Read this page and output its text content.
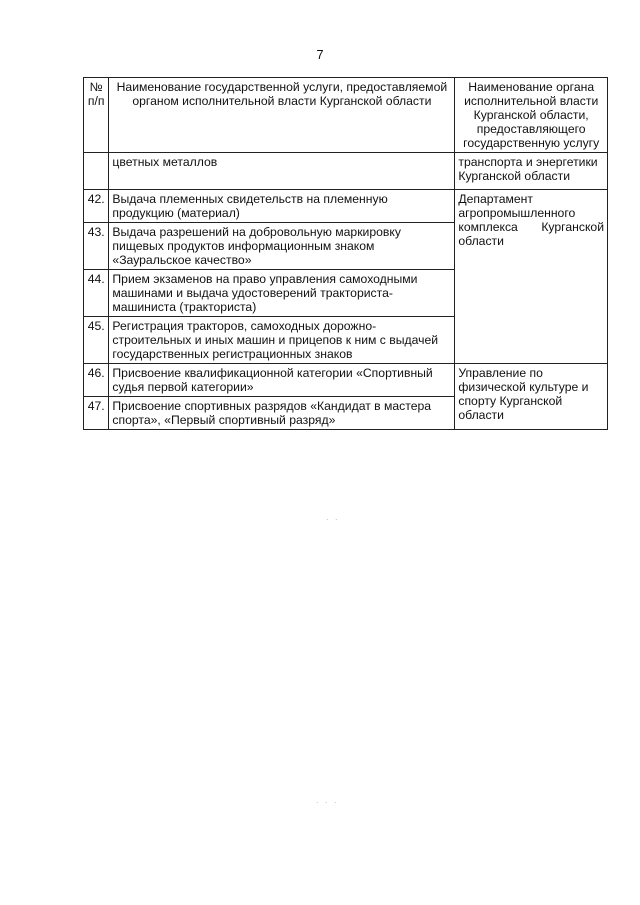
7
№ п/п	Наименование государственной услуги, предоставляемой органом исполнительной власти Курганской области	Наименование органа исполнительной власти Курганской области, предоставляющего государственную услугу
	цветных металлов	транспорта и энергетики Курганской области
42.	Выдача племенных свидетельств на племенную продукцию (материал)	Департамент агропромышленного комплекса Курганской области
43.	Выдача разрешений на добровольную маркировку пищевых продуктов информационным знаком «Зауральское качество»	
44.	Прием экзаменов на право управления самоходными машинами и выдача удостоверений тракториста-машиниста (тракториста)	
45.	Регистрация тракторов, самоходных дорожно-строительных и иных машин и прицепов к ним с выдачей государственных регистрационных знаков	
46.	Присвоение квалификационной категории «Спортивный судья первой категории»	Управление по физической культуре и спорту Курганской области
47.	Присвоение спортивных разрядов «Кандидат в мастера спорта», «Первый спортивный разряд»	
. .
. . .
